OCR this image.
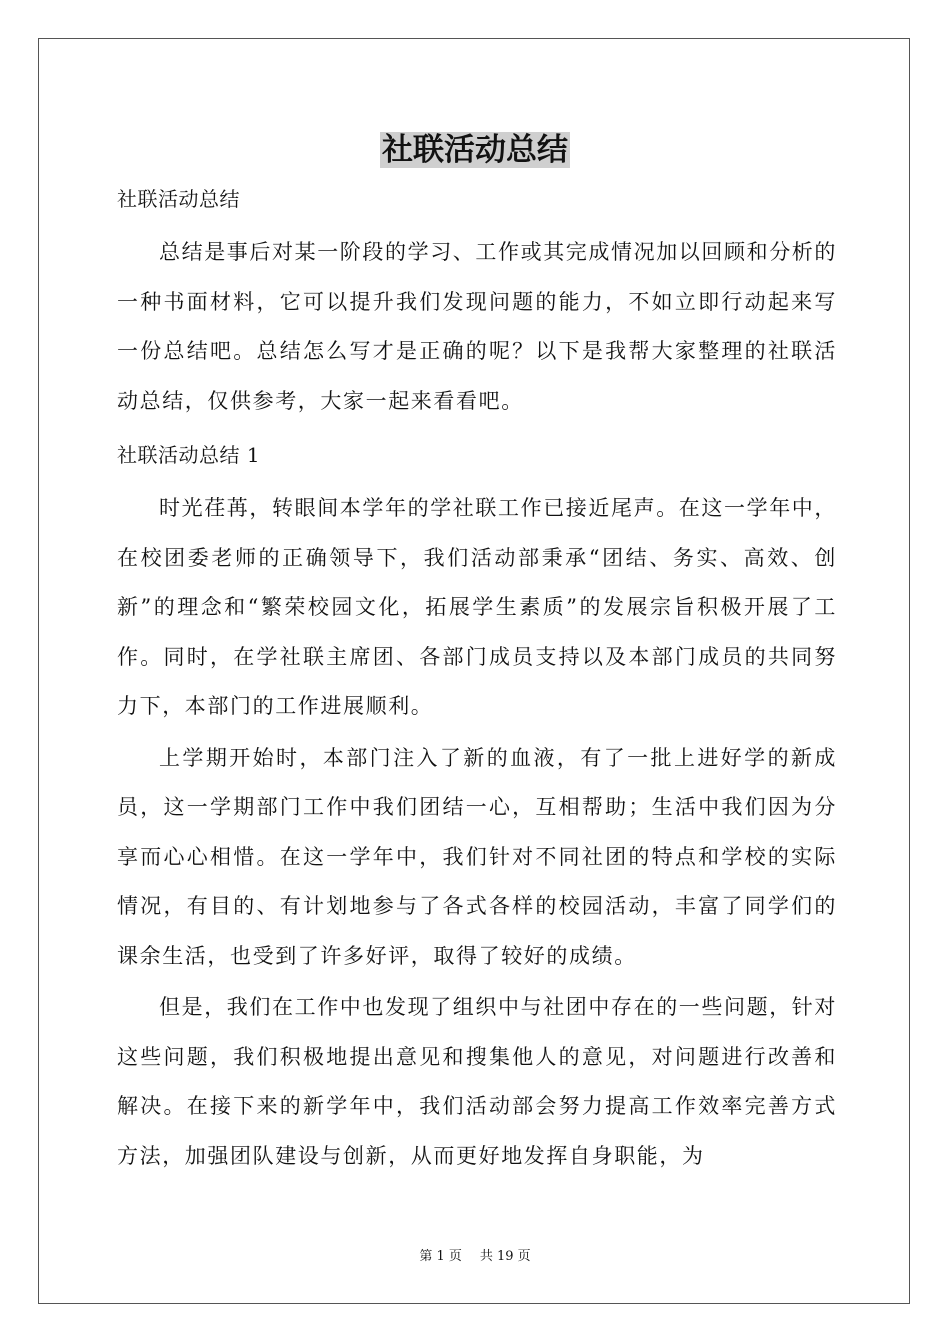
社联活动总结
社联活动总结

总结是事后对某一阶段的学习、工作或其完成情况加以回顾和分析的一种书面材料，它可以提升我们发现问题的能力，不如立即行动起来写一份总结吧。总结怎么写才是正确的呢？以下是我帮大家整理的社联活动总结，仅供参考，大家一起来看看吧。

社联活动总结 1

时光荏苒，转眼间本学年的学社联工作已接近尾声。在这一学年中，在校团委老师的正确领导下，我们活动部秉承“团结、务实、高效、创新”的理念和“繁荣校园文化，拓展学生素质”的发展宗旨积极开展了工作。同时，在学社联主席团、各部门成员支持以及本部门成员的共同努力下，本部门的工作进展顺利。

上学期开始时，本部门注入了新的血液，有了一批上进好学的新成员，这一学期部门工作中我们团结一心，互相帮助；生活中我们因为分享而心心相惜。在这一学年中，我们针对不同社团的特点和学校的实际情况，有目的、有计划地参与了各式各样的校园活动，丰富了同学们的课余生活，也受到了许多好评，取得了较好的成绩。

但是，我们在工作中也发现了组织中与社团中存在的一些问题，针对这些问题，我们积极地提出意见和搜集他人的意见，对问题进行改善和解决。在接下来的新学年中，我们活动部会努力提高工作效率完善方式方法，加强团队建设与创新，从而更好地发挥自身职能，为

第 1 页 共 19 页
